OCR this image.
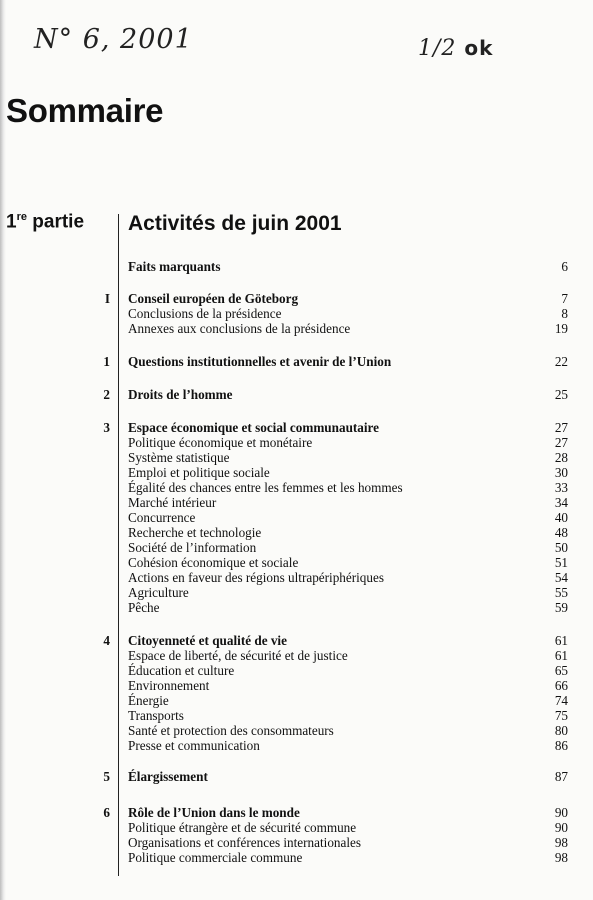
N° 6, 2001	1/2 ok
Sommaire
1re partie Activités de juin 2001
Faits marquants	6
I Conseil européen de Göteborg	7
Conclusions de la présidence	8
Annexes aux conclusions de la présidence	19
1 Questions institutionnelles et avenir de l’Union	22
2 Droits de l’homme	25
3 Espace économique et social communautaire	27
Politique économique et monétaire	27
Système statistique	28
Emploi et politique sociale	30
Égalité des chances entre les femmes et les hommes	33
Marché intérieur	34
Concurrence	40
Recherche et technologie	48
Société de l’information	50
Cohésion économique et sociale	51
Actions en faveur des régions ultrapériphériques	54
Agriculture	55
Pêche	59
4 Citoyenneté et qualité de vie	61
Espace de liberté, de sécurité et de justice	61
Éducation et culture	65
Environnement	66
Énergie	74
Transports	75
Santé et protection des consommateurs	80
Presse et communication	86
5 Élargissement	87
6 Rôle de l’Union dans le monde	90
Politique étrangère et de sécurité commune	90
Organisations et conférences internationales	98
Politique commerciale commune	98
